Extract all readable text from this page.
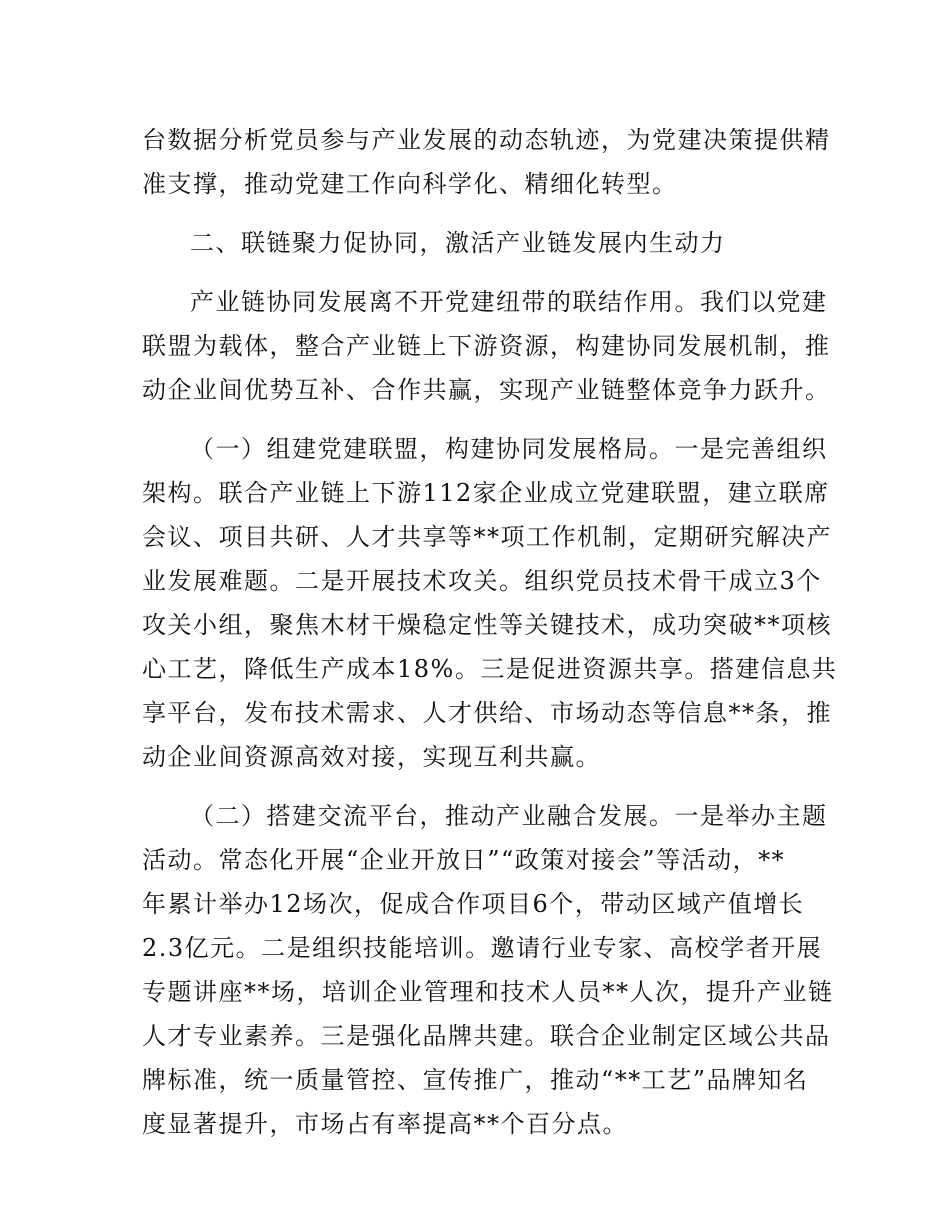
台数据分析党员参与产业发展的动态轨迹，为党建决策提供精
准支撑，推动党建工作向科学化、精细化转型。
二、联链聚力促协同，激活产业链发展内生动力
产业链协同发展离不开党建纽带的联结作用。我们以党建
联盟为载体，整合产业链上下游资源，构建协同发展机制，推
动企业间优势互补、合作共赢，实现产业链整体竞争力跃升。
（一）组建党建联盟，构建协同发展格局。一是完善组织
架构。联合产业链上下游112家企业成立党建联盟，建立联席
会议、项目共研、人才共享等**项工作机制，定期研究解决产
业发展难题。二是开展技术攻关。组织党员技术骨干成立3个
攻关小组，聚焦木材干燥稳定性等关键技术，成功突破**项核
心工艺，降低生产成本18%。三是促进资源共享。搭建信息共
享平台，发布技术需求、人才供给、市场动态等信息**条，推
动企业间资源高效对接，实现互利共赢。
（二）搭建交流平台，推动产业融合发展。一是举办主题
活动。常态化开展“企业开放日”“政策对接会”等活动，**
年累计举办12场次，促成合作项目6个，带动区域产值增长
2.3亿元。二是组织技能培训。邀请行业专家、高校学者开展
专题讲座**场，培训企业管理和技术人员**人次，提升产业链
人才专业素养。三是强化品牌共建。联合企业制定区域公共品
牌标准，统一质量管控、宣传推广，推动“**工艺”品牌知名
度显著提升，市场占有率提高**个百分点。
